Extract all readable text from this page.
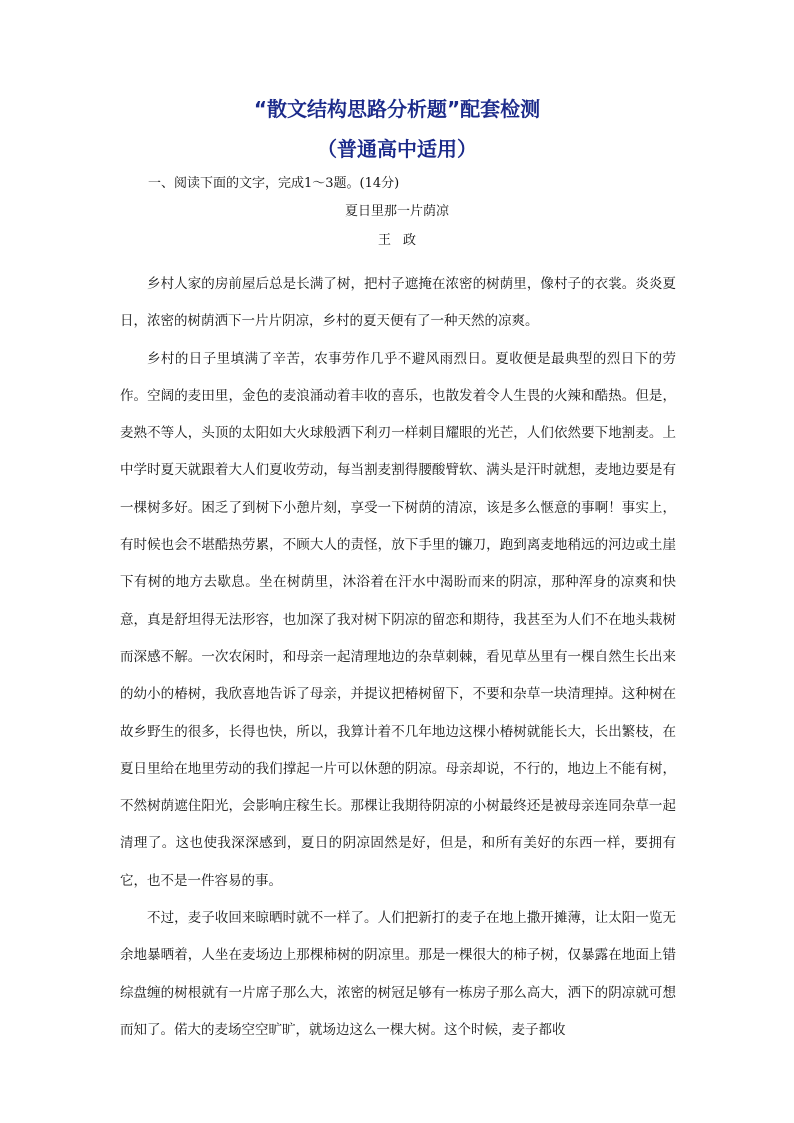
“散文结构思路分析题”配套检测
（普通高中适用）
一、阅读下面的文字，完成1～3题。(14分)
夏日里那一片荫凉
王政

乡村人家的房前屋后总是长满了树，把村子遮掩在浓密的树荫里，像村子的衣裳。炎炎夏日，浓密的树荫洒下一片片阴凉，乡村的夏天便有了一种天然的凉爽。

乡村的日子里填满了辛苦，农事劳作几乎不避风雨烈日。夏收便是最典型的烈日下的劳作。空阔的麦田里，金色的麦浪涌动着丰收的喜乐，也散发着令人生畏的火辣和酷热。但是，麦熟不等人，头顶的太阳如大火球般洒下利刃一样刺目耀眼的光芒，人们依然要下地割麦。上中学时夏天就跟着大人们夏收劳动，每当割麦割得腰酸臂软、满头是汗时就想，麦地边要是有一棵树多好。困乏了到树下小憩片刻，享受一下树荫的清凉，该是多么惬意的事啊！事实上，有时候也会不堪酷热劳累，不顾大人的责怪，放下手里的镰刀，跑到离麦地稍远的河边或土崖下有树的地方去歇息。坐在树荫里，沐浴着在汗水中渴盼而来的阴凉，那种浑身的凉爽和快意，真是舒坦得无法形容，也加深了我对树下阴凉的留恋和期待，我甚至为人们不在地头栽树而深感不解。一次农闲时，和母亲一起清理地边的杂草刺棘，看见草丛里有一棵自然生长出来的幼小的椿树，我欣喜地告诉了母亲，并提议把椿树留下，不要和杂草一块清理掉。这种树在故乡野生的很多，长得也快，所以，我算计着不几年地边这棵小椿树就能长大，长出繁枝，在夏日里给在地里劳动的我们撑起一片可以休憩的阴凉。母亲却说，不行的，地边上不能有树，不然树荫遮住阳光，会影响庄稼生长。那棵让我期待阴凉的小树最终还是被母亲连同杂草一起清理了。这也使我深深感到，夏日的阴凉固然是好，但是，和所有美好的东西一样，要拥有它，也不是一件容易的事。

不过，麦子收回来晾晒时就不一样了。人们把新打的麦子在地上撒开摊薄，让太阳一览无余地暴晒着，人坐在麦场边上那棵柿树的阴凉里。那是一棵很大的柿子树，仅暴露在地面上错综盘缠的树根就有一片席子那么大，浓密的树冠足够有一栋房子那么高大，洒下的阴凉就可想而知了。偌大的麦场空空旷旷，就场边这么一棵大树。这个时候，麦子都收
